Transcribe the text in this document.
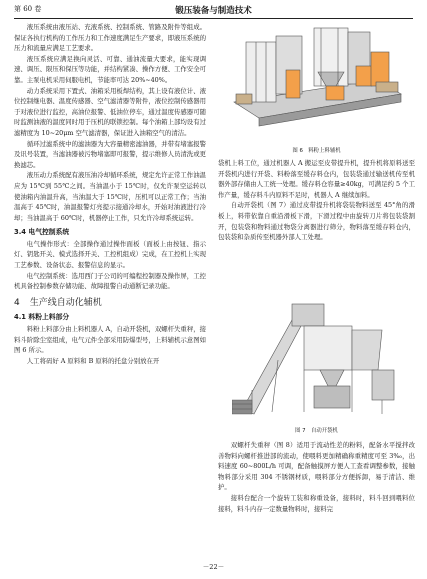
第 60 卷	锻压装备与制造技术

液压系统由液压站、充液系统、控制系统、管路及附件等组成。保证各执行机构的工作压力和工作速度满足生产要求，即液压系统的压力和流量应满足工艺要求。

液压系统应满足换向灵活、可靠、通油流量大要求，能实现调速、调压、限压和保压等功能，并结构紧凑、操作方便、工作安全可靠。主泵电机采用伺服电机，节能率可达 20%~40%。

动力系统采用下置式、油箱采用板焊结构，其上设有液位计、液位控制继电器、温度传感器、空气滤清器等附件，液位控制传感器用于对液位进行监控，高油位报警、低油位停车，通过温度传感器可随时监测油液的温度同时用于压机的联锁控制。每个油箱上部均设有过滤精度为 10~20μm 空气滤清器，保证进入油箱空气的清洁。

循环过滤系统中的滤油器为大容量精密滤油器，并带有堵塞报警及讯号装置，当滤油器被污物堵塞即可报警，提示维修人员清洗或更换滤芯。

液压动力系统配有液压油冷却循环系统，规定允许正常工作油温应为 15℃到 55℃之间。当油温小于 15℃时，仅允许泵空运转以使油箱内油温升高，当油温大于 15℃时，压机可以正常工作；当油温高于 45℃时，油温报警灯亮提示接通冷却水，开始对油液进行冷却；当油温高于 60℃时，机器停止工作，只允许冷却系统运转。

3.4 电气控制系统

电气操作形式：全部操作通过操作面板（面板上由按钮、指示灯、钥匙开关、模式选择开关、工控机组成）完成，在工控机上实现工艺参数、设备状态、报警信息的显示。

电气控制系统：选用西门子公司的可编程控制器及操作屏，工控机具备控制参数存储功能、故障报警自动通断记录功能。

4 生产线自动化辅机
4.1 料粉上料部分

料粉上料部分由上料机器人 A，自动开袋机，双螺杆失重秤，接料斗阶除尘室组成，电气元件全部采用防爆型号，上料辅机示意图如图 6 所示。

人工将码好 A 原料和 B 原料的托盘分别放在开

图 6　料粉上料辅机

袋机上料工位，通过机器人 A 搬运至皮带提升机，提升机将原料送至开袋机内进行开袋、料粉落至缓存料仓内，包装袋通过输送机传至机器外部存储由人工统一处理。缓存料仓容量≥40kg，可满足约 5 个工作产量，缓存料斗内原料不足时，机器人 A 继续加料。

自动开袋机（图 7）通过皮带提升机将袋装物料送至 45°角的滑板上，料带依靠自重沿滑板下滑，下滑过程中由旋转刀片将包装袋割开，包装袋和物料通过物袋分离器进行筛分，物料落至缓存料仓内，包装袋和杂质传至机器外部人工处理。

图 7　自动开袋机

双螺杆失重秤（图 8）适用于流动性差的粉料，配备水平搅拌改善物料向螺杆推进部的流动，使喂料更加精确称重精度可至 3‰，出料速度 60~800L/h 可调，配备触摸屏方便人工查看调整参数，接触物料部分采用 304 不锈钢材质，喂料部分方便拆卸，易于清洁、维护。

接料台配合一个旋转工装和称重设备，接料时，料斗回到喂料位接料，料斗内存一定数量物料时，接料完

－22－
